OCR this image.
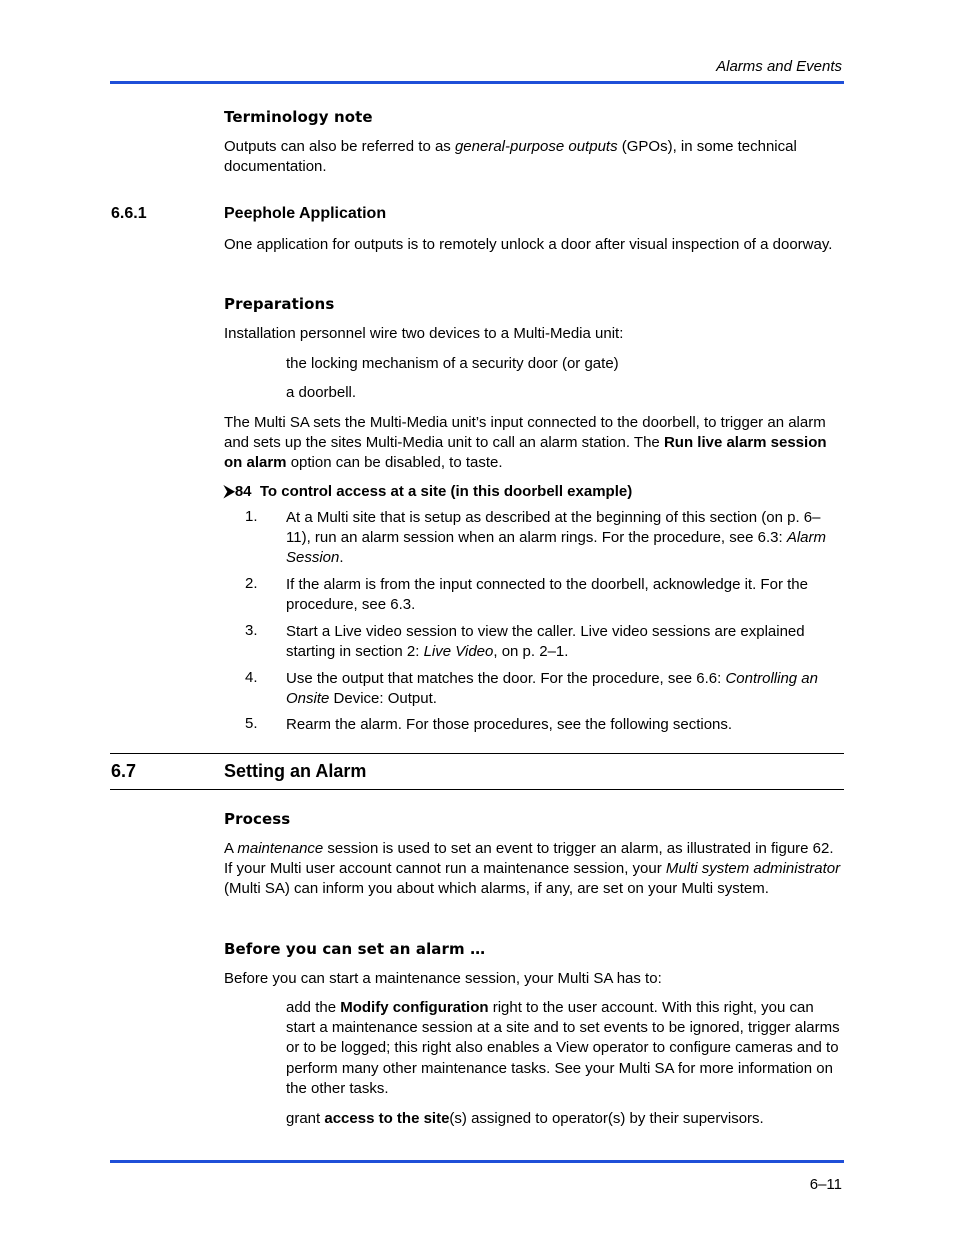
Alarms and Events
Terminology note
Outputs can also be referred to as general-purpose outputs (GPOs), in some technical documentation.
6.6.1	Peephole Application
One application for outputs is to remotely unlock a door after visual inspection of a doorway.
Preparations
Installation personnel wire two devices to a Multi-Media unit:
the locking mechanism of a security door (or gate)
a doorbell.
The Multi SA sets the Multi-Media unit’s input connected to the doorbell, to trigger an alarm and sets up the sites Multi-Media unit to call an alarm station. The Run live alarm session on alarm option can be disabled, to taste.
⮞84 To control access at a site (in this doorbell example)
1. At a Multi site that is setup as described at the beginning of this section (on p. 6–11), run an alarm session when an alarm rings. For the procedure, see 6.3: Alarm Session.
2. If the alarm is from the input connected to the doorbell, acknowledge it. For the procedure, see 6.3.
3. Start a Live video session to view the caller. Live video sessions are explained starting in section 2: Live Video, on p. 2–1.
4. Use the output that matches the door. For the procedure, see 6.6: Controlling an Onsite Device: Output.
5. Rearm the alarm. For those procedures, see the following sections.
6.7	Setting an Alarm
Process
A maintenance session is used to set an event to trigger an alarm, as illustrated in figure 62. If your Multi user account cannot run a maintenance session, your Multi system administrator (Multi SA) can inform you about which alarms, if any, are set on your Multi system.
Before you can set an alarm …
Before you can start a maintenance session, your Multi SA has to:
add the Modify configuration right to the user account. With this right, you can start a maintenance session at a site and to set events to be ignored, trigger alarms or to be logged; this right also enables a View operator to configure cameras and to perform many other maintenance tasks. See your Multi SA for more information on the other tasks.
grant access to the site(s) assigned to operator(s) by their supervisors.
6–11
